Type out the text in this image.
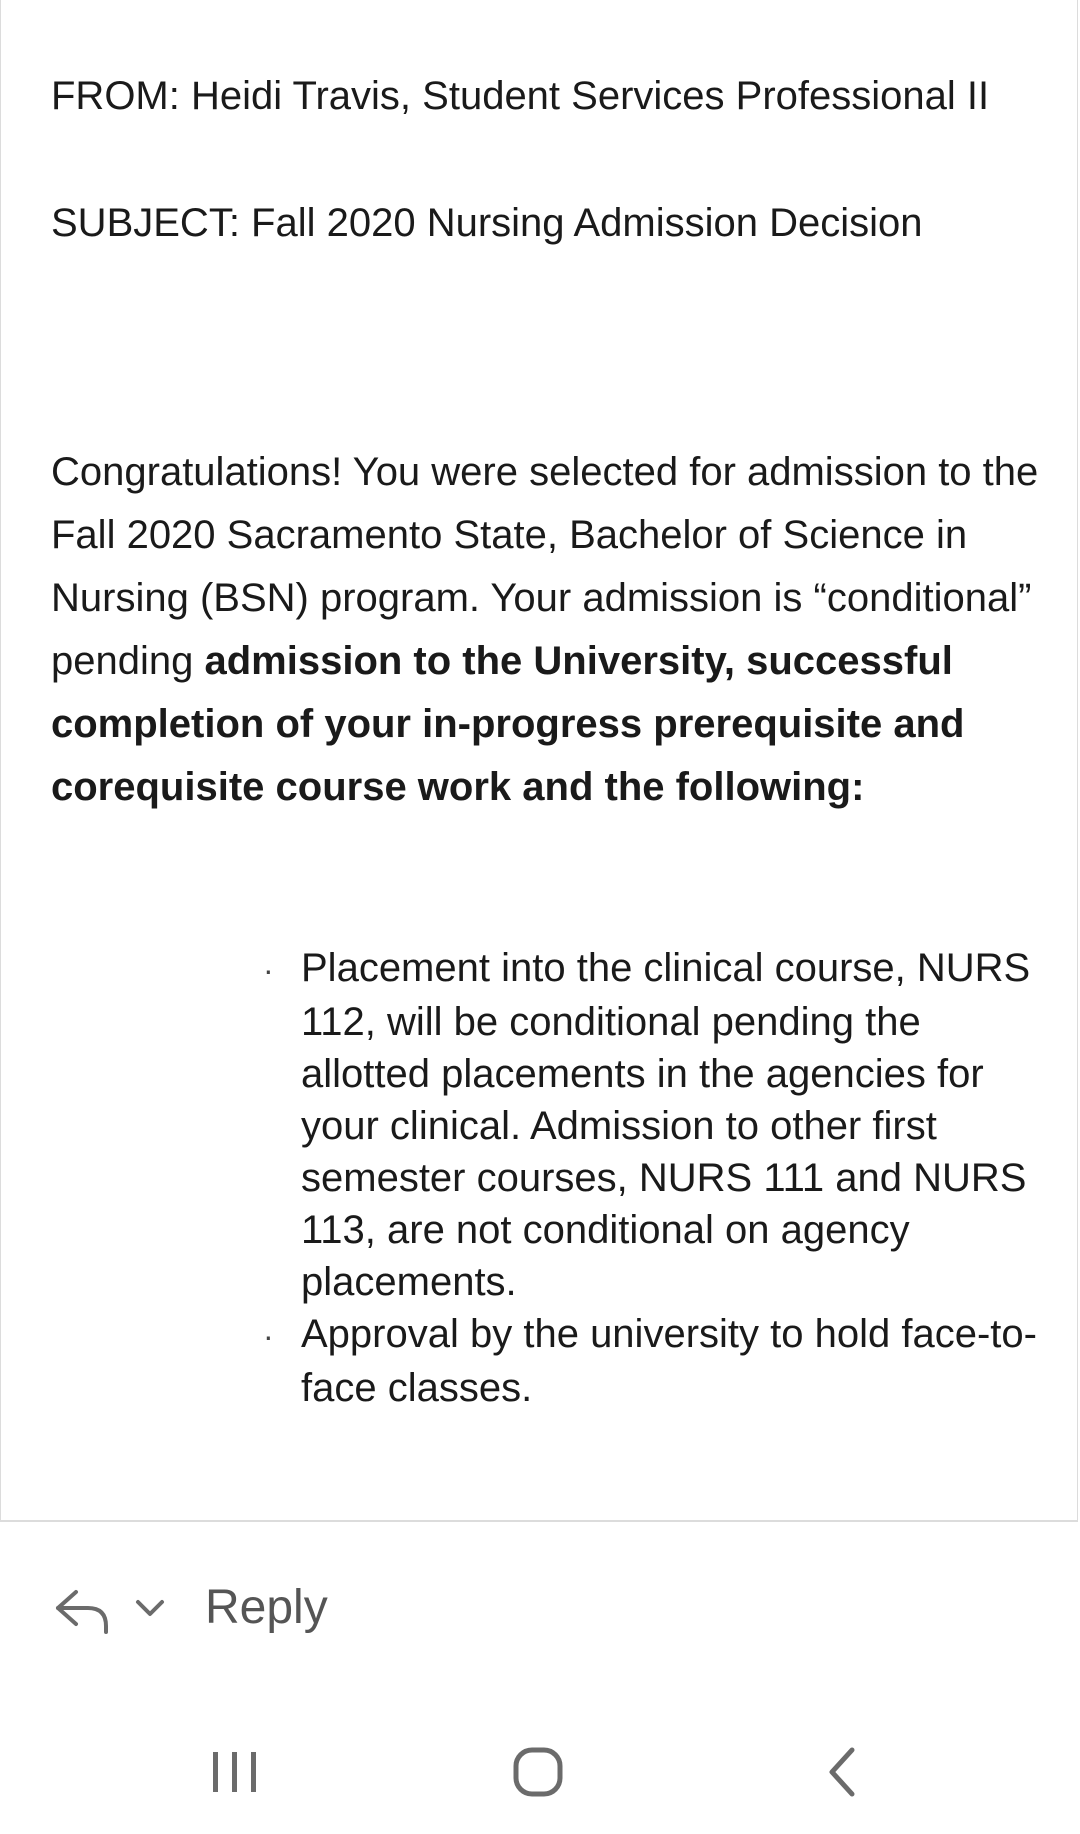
FROM: Heidi Travis, Student Services Professional II
SUBJECT: Fall 2020 Nursing Admission Decision
Congratulations! You were selected for admission to the Fall 2020 Sacramento State, Bachelor of Science in Nursing (BSN) program. Your admission is “conditional” pending admission to the University, successful completion of your in-progress prerequisite and corequisite course work and the following:
· Placement into the clinical course, NURS 112, will be conditional pending the allotted placements in the agencies for your clinical. Admission to other first semester courses, NURS 111 and NURS 113, are not conditional on agency placements.
· Approval by the university to hold face-to-face classes.
Reply
